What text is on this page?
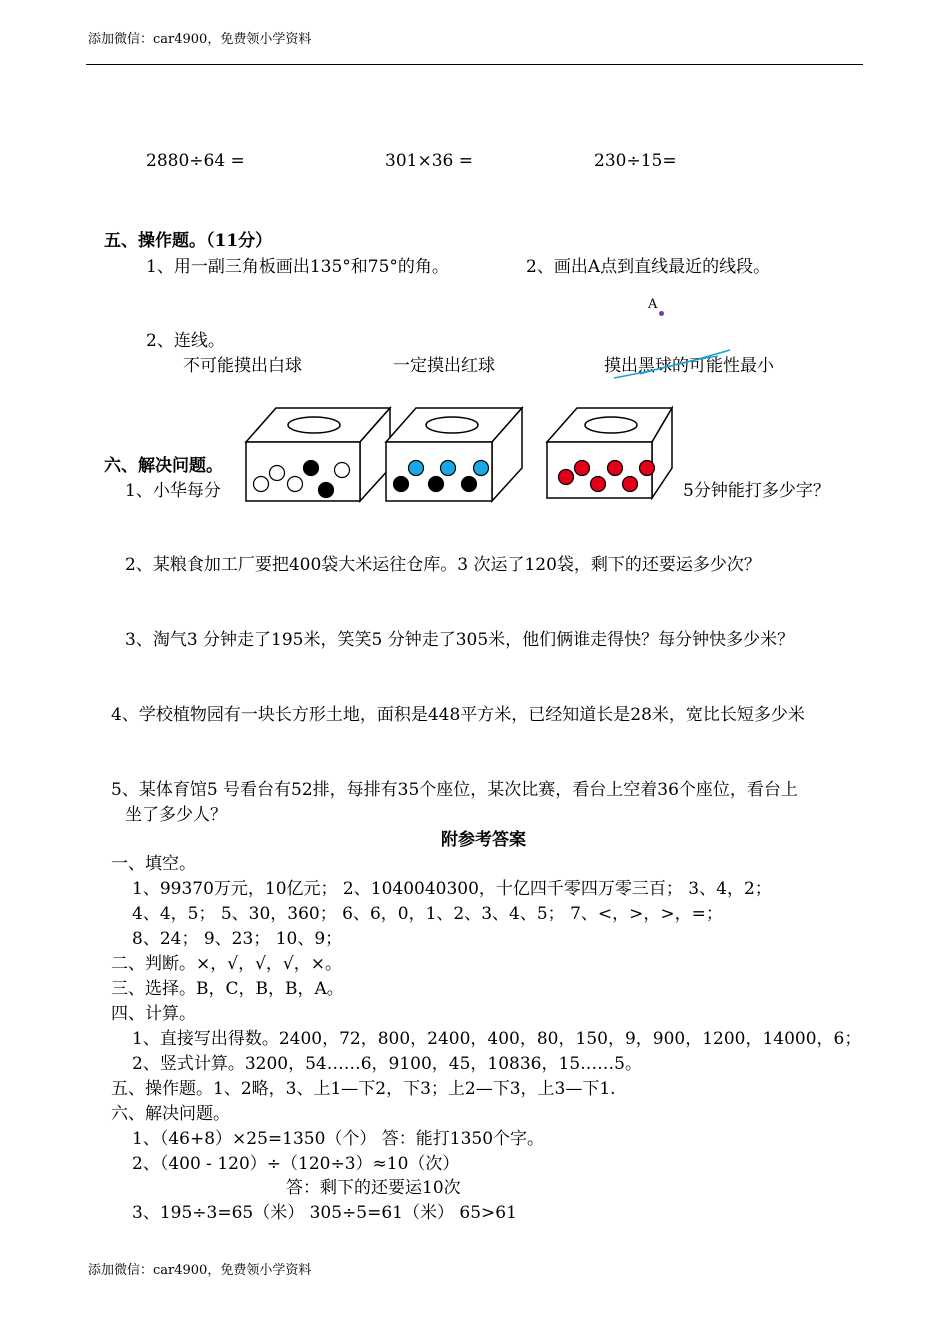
添加微信：car4900，免费领小学资料
2880÷64 =	301×36 =	230÷15=
五、操作题。（11分）
1、用一副三角板画出135°和75°的角。	2、画出A点到直线最近的线段。
A
2、连线。
不可能摸出白球	一定摸出红球	摸出黑球的可能性最小
六、解决问题。
1、小华每分	5分钟能打多少字？
2、某粮食加工厂要把400袋大米运往仓库。3 次运了120袋，剩下的还要运多少次？
3、淘气3 分钟走了195米，笑笑5 分钟走了305米，他们俩谁走得快？每分钟快多少米？
4、学校植物园有一块长方形土地，面积是448平方米，已经知道长是28米，宽比长短多少米
5、某体育馆5 号看台有52排，每排有35个座位，某次比赛，看台上空着36个座位，看台上
坐了多少人？
附参考答案
一、填空。
1、99370万元，10亿元； 2、1040040300，十亿四千零四万零三百； 3、4，2；
4、4，5； 5、30，360； 6、6，0，1、2、3、4、5； 7、<，>，>，=；
8、24； 9、23； 10、9；
二、判断。×，√，√，√，×。
三、选择。B，C，B，B，A。
四、计算。
1、直接写出得数。2400，72，800，2400，400，80，150，9，900，1200，14000，6；
2、竖式计算。3200，54……6，9100，45，10836，15……5。
五、操作题。1、2略，3、上1—下2，下3；上2—下3，上3—下1.
六、解决问题。
1、（46+8）×25=1350（个） 答：能打1350个字。
2、（400 - 120）÷（120÷3）≈10（次）
答：剩下的还要运10次
3、195÷3=65（米） 305÷5=61（米） 65>61
添加微信：car4900，免费领小学资料
